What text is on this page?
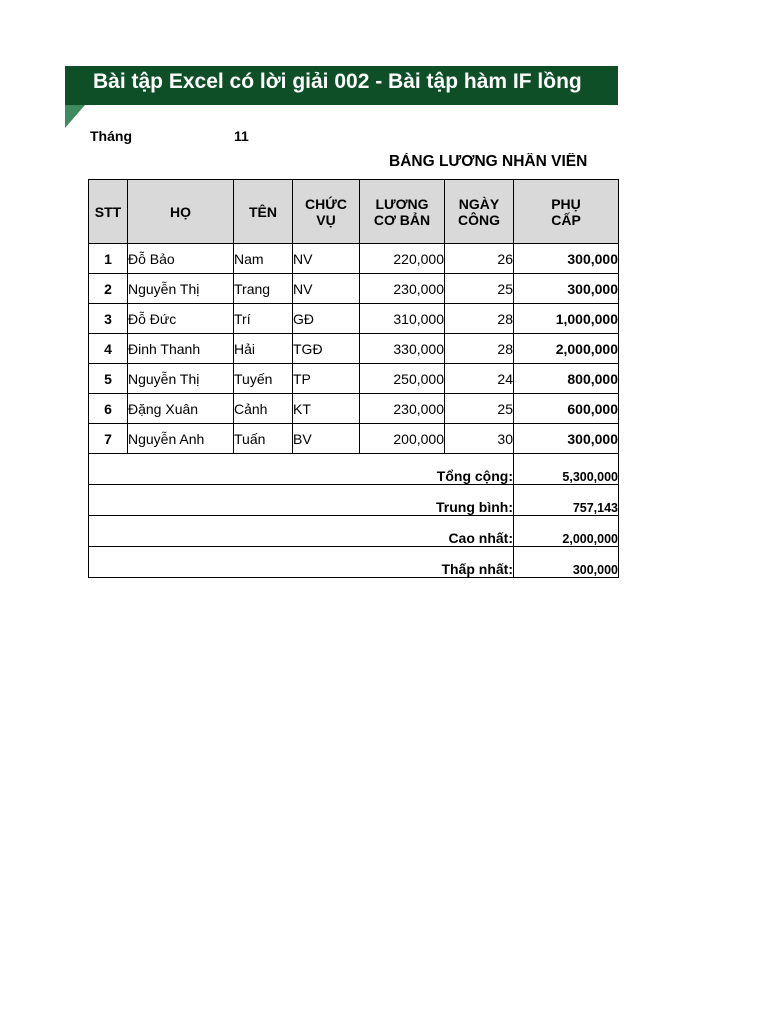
Bài tập Excel có lời giải 002 - Bài tập hàm IF lồng
Tháng	11
BẢNG LƯƠNG NHÂN VIÊN
STT	HỌ	TÊN	CHỨC VỤ	LƯƠNG CƠ BẢN	NGÀY CÔNG	PHỤ CẤP
1	Đỗ Bảo	Nam	NV	220,000	26	300,000
2	Nguyễn Thị	Trang	NV	230,000	25	300,000
3	Đỗ Đức	Trí	GĐ	310,000	28	1,000,000
4	Đinh Thanh	Hải	TGĐ	330,000	28	2,000,000
5	Nguyễn Thị	Tuyến	TP	250,000	24	800,000
6	Đặng Xuân	Cảnh	KT	230,000	25	600,000
7	Nguyễn Anh	Tuấn	BV	200,000	30	300,000
Tổng cộng:						5,300,000
Trung bình:						757,143
Cao nhất:						2,000,000
Thấp nhất:						300,000
